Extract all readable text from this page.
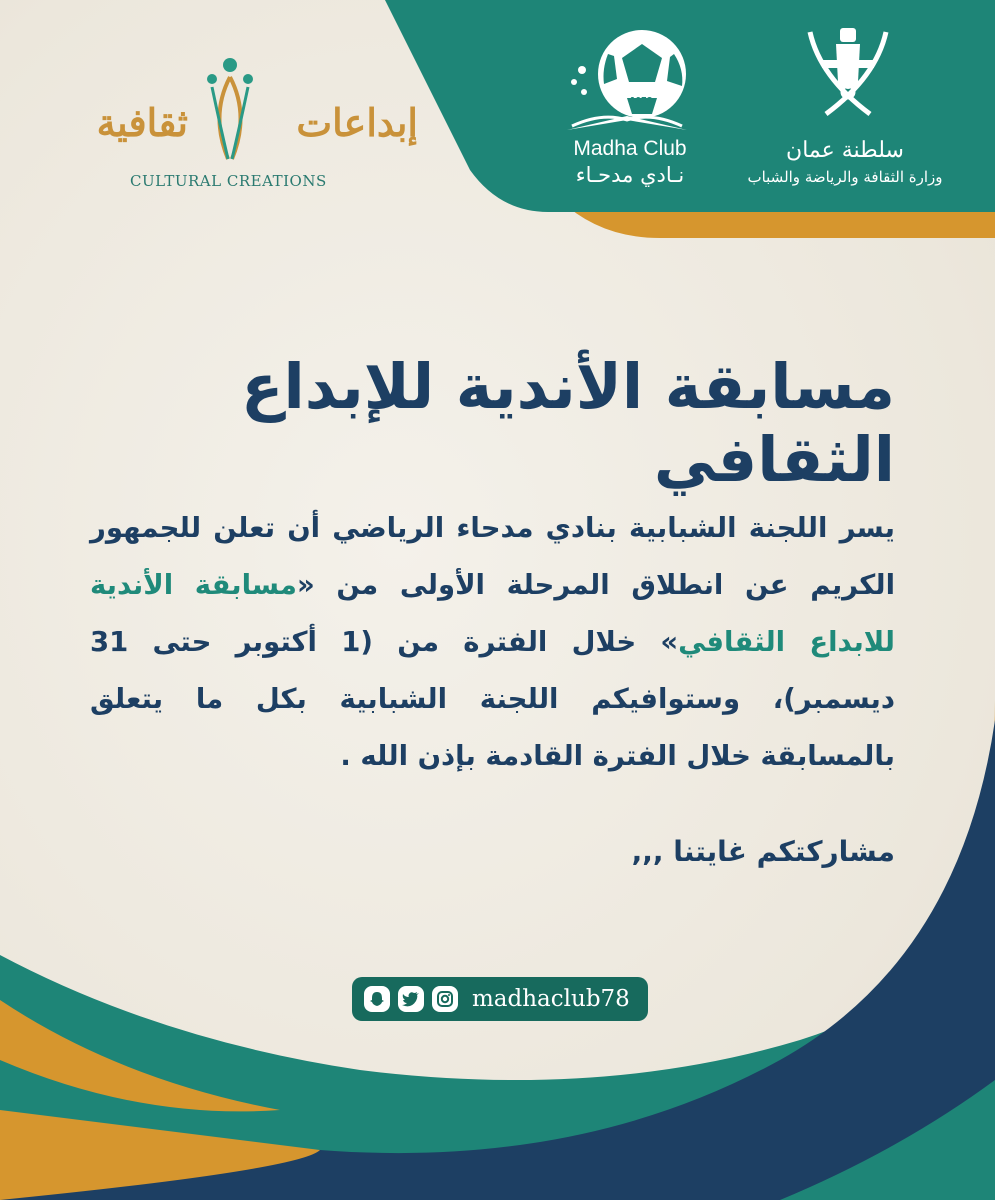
ثقافية	إبداعات
CULTURAL CREATIONS
1978
Madha Club
نـادي مدحـاء
سلطنة عمان
وزارة الثقافة والرياضة والشباب
مسابقة الأندية للإبداع الثقافي
يسر اللجنة الشبابية بنادي مدحاء الرياضي أن تعلن للجمهور الكريم عن انطلاق المرحلة الأولى من «مسابقة الأندية للابداع الثقافي» خلال الفترة من (1 أكتوبر حتى 31 ديسمبر)، وستوافيكم اللجنة الشبابية بكل ما يتعلق بالمسابقة خلال الفترة القادمة بإذن الله .
مشاركتكم غايتنا ,,,
madhaclub78
